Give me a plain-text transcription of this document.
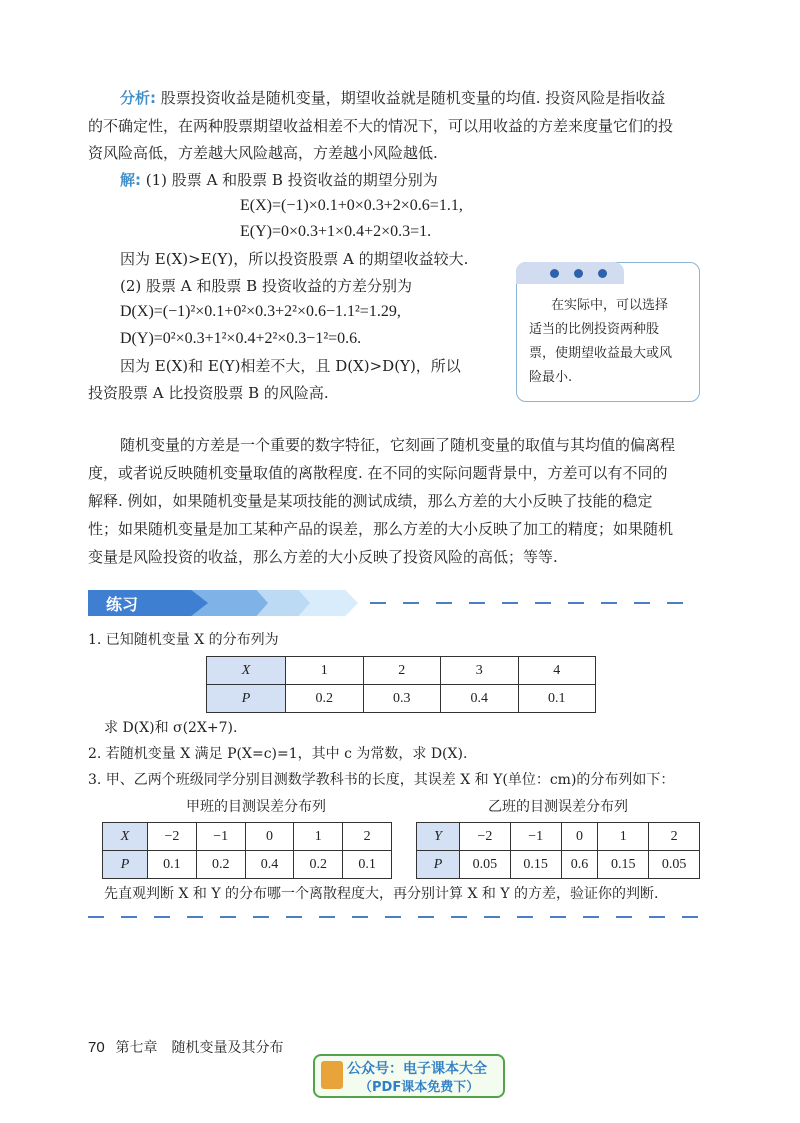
分析: 股票投资收益是随机变量，期望收益就是随机变量的均值. 投资风险是指收益
的不确定性，在两种股票期望收益相差不大的情况下，可以用收益的方差来度量它们的投
资风险高低，方差越大风险越高，方差越小风险越低.
解: (1) 股票 A 和股票 B 投资收益的期望分别为
E(X)=(−1)×0.1+0×0.3+2×0.6=1.1,
E(Y)=0×0.3+1×0.4+2×0.3=1.
因为 E(X)>E(Y)，所以投资股票 A 的期望收益较大.
(2) 股票 A 和股票 B 投资收益的方差分别为
D(X)=(−1)²×0.1+0²×0.3+2²×0.6−1.1²=1.29,
D(Y)=0²×0.3+1²×0.4+2²×0.3−1²=0.6.
因为 E(X)和 E(Y)相差不大，且 D(X)>D(Y)，所以
投资股票 A 比投资股票 B 的风险高.
在实际中，可以选择
适当的比例投资两种股
票，使期望收益最大或风
险最小.
随机变量的方差是一个重要的数字特征，它刻画了随机变量的取值与其均值的偏离程
度，或者说反映随机变量取值的离散程度. 在不同的实际问题背景中，方差可以有不同的
解释. 例如，如果随机变量是某项技能的测试成绩，那么方差的大小反映了技能的稳定
性；如果随机变量是加工某种产品的误差，那么方差的大小反映了加工的精度；如果随机
变量是风险投资的收益，那么方差的大小反映了投资风险的高低；等等.
练习
1. 已知随机变量 X 的分布列为
X	1	2	3	4
P	0.2	0.3	0.4	0.1
求 D(X)和 σ(2X+7).
2. 若随机变量 X 满足 P(X=c)=1，其中 c 为常数，求 D(X).
3. 甲、乙两个班级同学分别目测数学教科书的长度，其误差 X 和 Y(单位：cm)的分布列如下：
甲班的目测误差分布列	乙班的目测误差分布列
X	−2	−1	0	1	2
P	0.1	0.2	0.4	0.2	0.1
Y	−2	−1	0	1	2
P	0.05	0.15	0.6	0.15	0.05
先直观判断 X 和 Y 的分布哪一个离散程度大，再分别计算 X 和 Y 的方差，验证你的判断.
70 第七章　随机变量及其分布
公众号：电子课本大全
（PDF课本免费下）
